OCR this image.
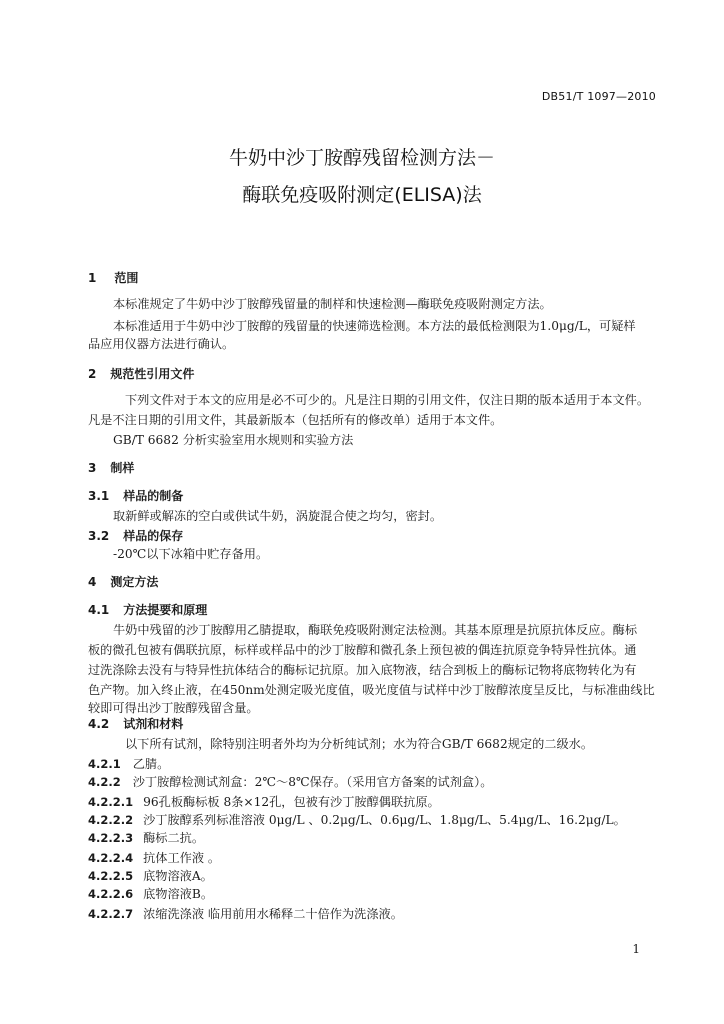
DB51/T 1097—2010
牛奶中沙丁胺醇残留检测方法－
酶联免疫吸附测定(ELISA)法
1 范围
本标准规定了牛奶中沙丁胺醇残留量的制样和快速检测—酶联免疫吸附测定方法。
本标准适用于牛奶中沙丁胺醇的残留量的快速筛选检测。本方法的最低检测限为1.0μg/L，可疑样
品应用仪器方法进行确认。
2 规范性引用文件
下列文件对于本文的应用是必不可少的。凡是注日期的引用文件，仅注日期的版本适用于本文件。
凡是不注日期的引用文件，其最新版本（包括所有的修改单）适用于本文件。
GB/T 6682 分析实验室用水规则和实验方法
3 制样
3.1 样品的制备
取新鲜或解冻的空白或供试牛奶，涡旋混合使之均匀，密封。
3.2 样品的保存
-20℃以下冰箱中贮存备用。
4 测定方法
4.1 方法提要和原理
牛奶中残留的沙丁胺醇用乙腈提取，酶联免疫吸附测定法检测。其基本原理是抗原抗体反应。酶标
板的微孔包被有偶联抗原，标样或样品中的沙丁胺醇和微孔条上预包被的偶连抗原竞争特异性抗体。通
过洗涤除去没有与特异性抗体结合的酶标记抗原。加入底物液，结合到板上的酶标记物将底物转化为有
色产物。加入终止液，在450nm处测定吸光度值，吸光度值与试样中沙丁胺醇浓度呈反比，与标准曲线比
较即可得出沙丁胺醇残留含量。
4.2 试剂和材料
以下所有试剂，除特别注明者外均为分析纯试剂；水为符合GB/T 6682规定的二级水。
4.2.1 乙腈。
4.2.2 沙丁胺醇检测试剂盒：2℃～8℃保存。（采用官方备案的试剂盒）。
4.2.2.1 96孔板酶标板 8条×12孔，包被有沙丁胺醇偶联抗原。
4.2.2.2 沙丁胺醇系列标准溶液 0μg/L 、0.2μg/L、0.6μg/L、1.8μg/L、5.4μg/L、16.2μg/L。
4.2.2.3 酶标二抗。
4.2.2.4 抗体工作液 。
4.2.2.5 底物溶液A。
4.2.2.6 底物溶液B。
4.2.2.7 浓缩洗涤液 临用前用水稀释二十倍作为洗涤液。
1
